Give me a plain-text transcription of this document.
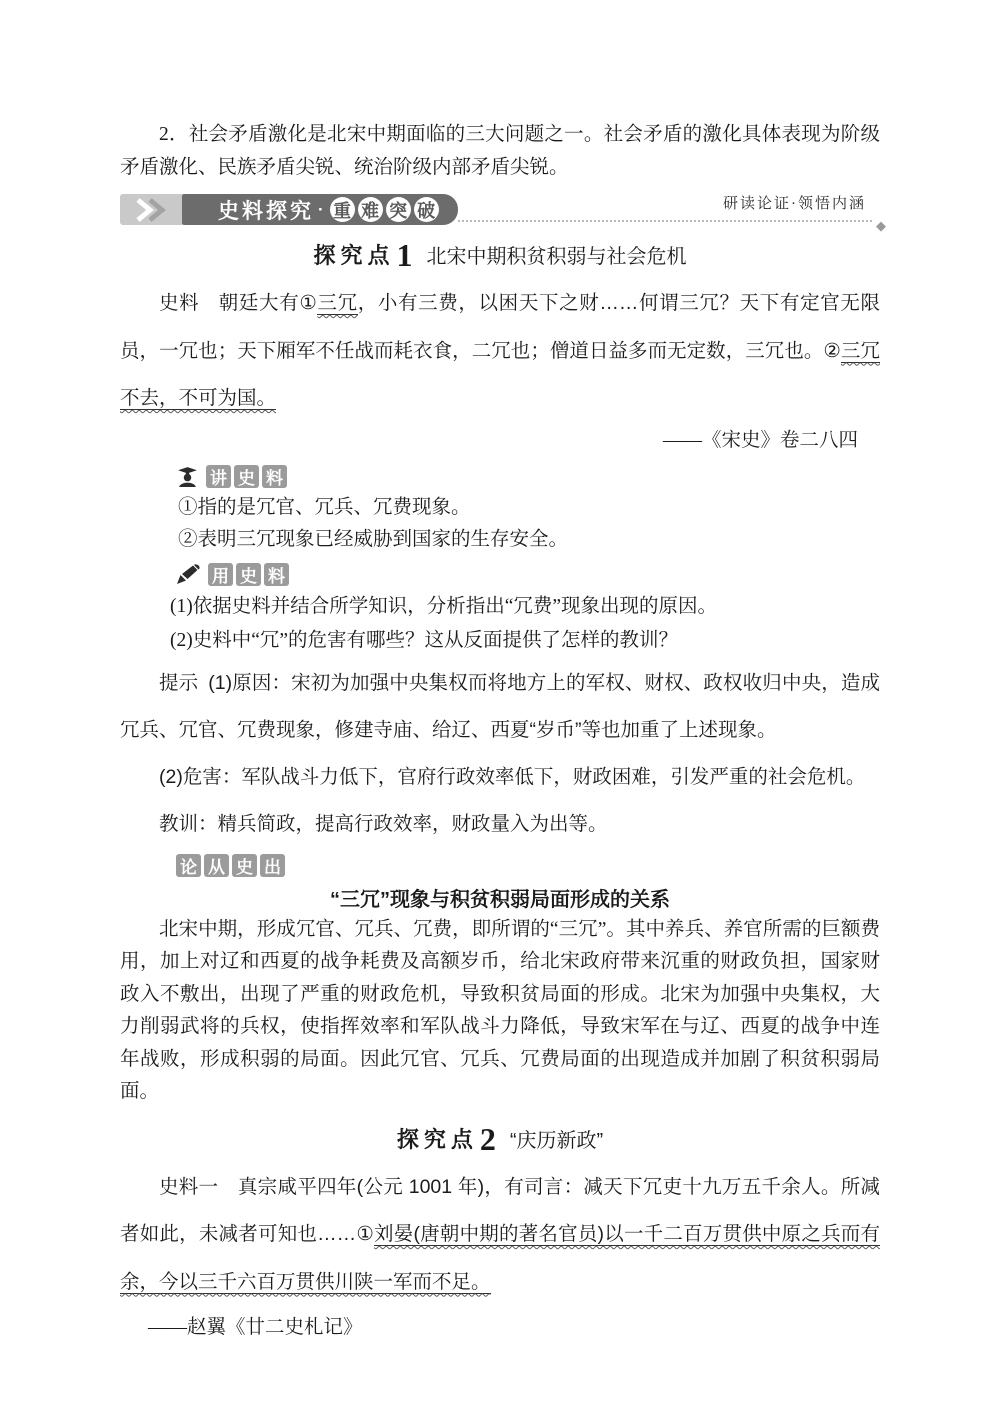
2．社会矛盾激化是北宋中期面临的三大问题之一。社会矛盾的激化具体表现为阶级矛盾激化、民族矛盾尖锐、统治阶级内部矛盾尖锐。

史料探究 · 重 难 突 破	研读论证·领悟内涵
◆
探究点1 北宋中期积贫积弱与社会危机

史料 朝廷大有①三冗，小有三费，以困天下之财……何谓三冗？天下有定官无限员，一冗也；天下厢军不任战而耗衣食，二冗也；僧道日益多而无定数，三冗也。②三冗不去，不可为国。

——《宋史》卷二八四

讲 史 料

①指的是冗官、冗兵、冗费现象。

②表明三冗现象已经威胁到国家的生存安全。

用 史 料

(1)依据史料并结合所学知识，分析指出“冗费”现象出现的原因。

(2)史料中“冗”的危害有哪些？这从反面提供了怎样的教训？

提示 (1)原因：宋初为加强中央集权而将地方上的军权、财权、政权收归中央，造成冗兵、冗官、冗费现象，修建寺庙、给辽、西夏“岁币”等也加重了上述现象。

(2)危害：军队战斗力低下，官府行政效率低下，财政困难，引发严重的社会危机。

教训：精兵简政，提高行政效率，财政量入为出等。

论 从 史 出
“三冗”现象与积贫积弱局面形成的关系

北宋中期，形成冗官、冗兵、冗费，即所谓的“三冗”。其中养兵、养官所需的巨额费用，加上对辽和西夏的战争耗费及高额岁币，给北宋政府带来沉重的财政负担，国家财政入不敷出，出现了严重的财政危机，导致积贫局面的形成。北宋为加强中央集权，大力削弱武将的兵权，使指挥效率和军队战斗力降低，导致宋军在与辽、西夏的战争中连年战败，形成积弱的局面。因此冗官、冗兵、冗费局面的出现造成并加剧了积贫积弱局面。

探究点2 “庆历新政”

史料一 真宗咸平四年(公元 1001 年)，有司言：减天下冗吏十九万五千余人。所减者如此，未减者可知也……①刘晏(唐朝中期的著名官员)以一千二百万贯供中原之兵而有余，今以三千六百万贯供川陕一军而不足。

——赵翼《廿二史札记》
